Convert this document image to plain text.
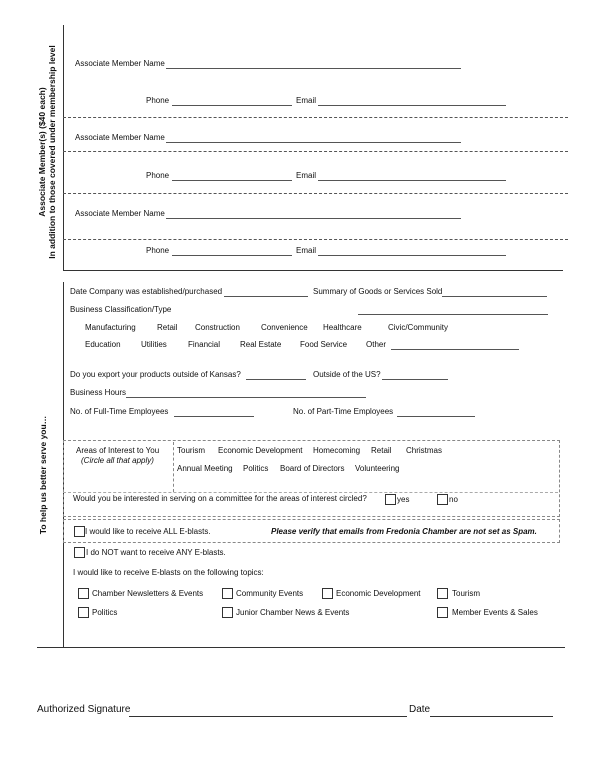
Associate Member(s) ($40 each) In addition to those covered under membership level Associate Member Name
Phone	Email
Associate Member Name
Phone	Email
Associate Member Name
Phone	Email
To help us better serve you…
Date Company was established/purchased	Summary of Goods or Services Sold
Business Classification/Type
Manufacturing	Retail Construction	Convenience Healthcare	Civic/Community
Education	Utilities	Financial Real Estate Food Service Other
Do you export your products outside of Kansas?	Outside of the US?
Business Hours
No. of Full-Time Employees	No. of Part-Time Employees
Areas of Interest to You
(Circle all that apply)
Tourism Economic Development Homecoming Retail Christmas
Annual Meeting Politics Board of Directors Volunteering
Would you be interested in serving on a committee for the areas of interest circled?	yes	no
I would like to receive ALL E-blasts.	Please verify that emails from Fredonia Chamber are not set as Spam.
I do NOT want to receive ANY E-blasts.
I would like to receive E-blasts on the following topics:
Chamber Newsletters & Events	Community Events	Economic Development	Tourism
Politics	Junior Chamber News & Events	Member Events & Sales
Authorized Signature	Date
